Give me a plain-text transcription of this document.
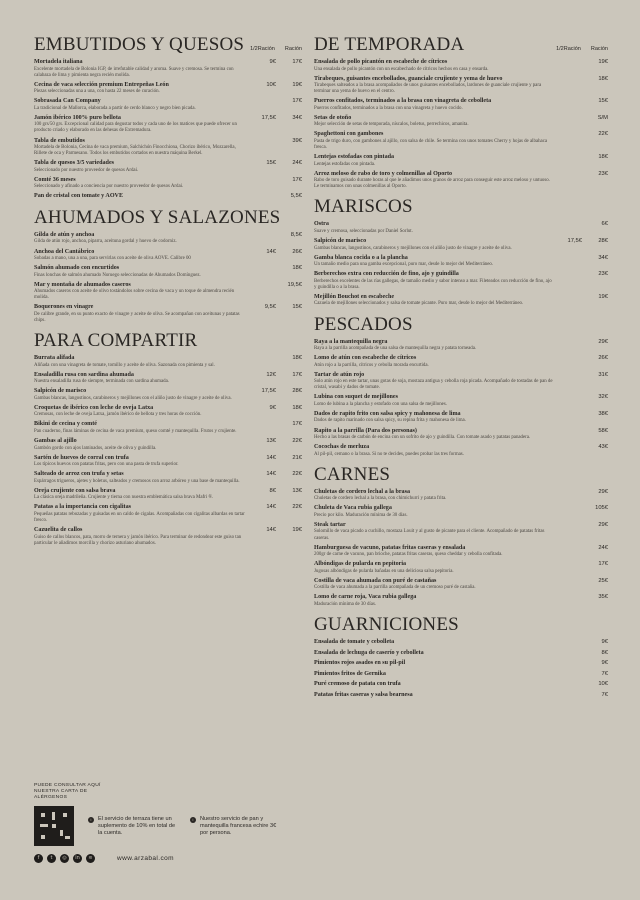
EMBUTIDOS Y QUESOS 1/2Ración Ración
Mortadela italiana	9€	17€
Excelente mortadela de Bolonia IGP, de irrefutable calidad y aroma. Suave y cremosa. Se termina con calabaza de lima y pimienta negra recién molida.
Cecina de vaca selección premium Entrepeñas León	10€	19€
Piezas seleccionadas una a una, con hasta 22 meses de curación.
Sobrasada Can Company	17€
La tradicional de Mallorca, elaborada a partir de cerdo blanco y negro bien picada.
Jamón ibérico 100% puro bellota	17,5€	34€
100 grs/50 grs. Excepcional calidad para degustar todos y cada uno de los matices que puede ofrecer un producto criado y elaborado en las dehesas de Extremadura.
Tabla de embutidos	39€
Mortadela de Bolonia, Cecina de vaca premium, Salchichón Finocchiona, Chorizo ibérico, Mozzarella, Rillete de oca y Parmesano. Todos los embutidos cortados en nuestra máquina Berkel.
Tabla de quesos 3/5 variedades	15€	24€
Seleccionado por nuestro proveedor de quesos Ardai.
Comté 36 meses	17€
Seleccionado y afinado a conciencia por nuestro proveedor de quesos Ardai.
Pan de cristal con tomate y AOVE	5,5€
AHUMADOS Y SALAZONES
Gilda de atún y anchoa	8,5€
Gilda de atún rojo, anchoa, piparra, aceituna gordal y huevo de codorniz.
Anchoa del Cantábrico	14€	26€
Sobadas a mano, una a una, para servirlas con aceite de oliva AOVE. Calibre 00
Salmón ahumado con encurtidos	18€
Finas lonchas de salmón ahumado Noruego seleccionadas de Ahumados Domínguez.
Mar y montaña de ahumados caseros	19,5€
Ahumados caseros con aceite de olivo tostándolos sobre cecina de vaca y un toque de almendra recién molida.
Boquerones en vinagre	9,5€	15€
De calibre grande, en su punto exacto de vinagre y aceite de oliva. Se acompañan con aceitunas y patatas chips.
PARA COMPARTIR
Burrata alifada	18€
Aliñada con una vinagreta de tomate, tomillo y aceite de oliva. Sazonada con pimienta y sal.
Ensaladilla rusa con sardina ahumada	12€	17€
Nuestra ensaladilla rusa de siempre, terminada con sardina ahumada.
Salpicón de marisco	17,5€	28€
Gambas blancas, langostinos, carabineros y mejillones con el aliño justo de vinagre y aceite de oliva.
Croquetas de ibérico con leche de oveja Latxa	9€	18€
Cremosas, con leche de oveja Latxa, jamón ibérico de bellota y tres horas de cocción.
Bikini de cecina y comté	17€
Pan cuaderno, finas láminas de cecina de vaca premium, queso comté y mantequilla. Frutos y crujiente.
Gambas al ajillo	13€	22€
Gambón gordo con ajos laminados, aceite de oliva y guindilla.
Sartén de huevos de corral con trufa	14€	21€
Los típicos huevos con patatas fritas, pero con una pasta de trufa superior.
Salteado de arroz con trufa y setas	14€	22€
Espárragos trigueros, ajetes y boletus, salteados y cremosos con arroz arbóreo y una base de mantequilla.
Oreja crujiente con salsa brava	8€	13€
La clásica oreja madrileña. Crujiente y tierna con nuestra emblemática salsa brava Mafri ®.
Patatas a la importancia con cigalitas	14€	22€
Pequeñas patatas rebozadas y guisadas en un caldo de cigalas. Acompañadas con cigalitas albardas en tartar fresco.
Cazuelita de callos	14€	19€
Guiso de callos blancos, pata, morro de ternera y jamón ibérico. Para terminar de redondear este guiso tan particular le añadimos morcilla y chorizo asturiano ahumados.
DE TEMPORADA	1/2Ración Ración
Ensalada de pollo picantón en escabeche de cítricos	19€
Una ensalada de pollo picantón con un escabechado de cítricos hechos en casa y ensarda.
Tirabeques, guisantes encebollados, guanciale crujiente y yema de huevo	18€
Tirabeques salteados a la brasa acompañados de unos guisantes encebollados, lardones de guanciale crujiente y para terminar una yema de huevo en el centro.
Puerros confitados, terminados a la brasa con vinagreta de cebolleta	15€
Puerros confitados, terminados a la brasa con una vinagreta y huevo cocido.
Setas de otoño	S/M
Mejor selección de setas de temporada, níscalos, boletus, perrechicos, amanita.
Spaghettoni con gambones	22€
Pasta de trigo duro, con gambones al ajillo, con salsa de chile. Se termina con unos tomates Cherry y hojas de albahaca fresca.
Lentejas estofadas con pintada	18€
Lentejas estofadas con pintada.
Arroz meloso de rabo de toro y colmenillas al Oporto	23€
Rabo de toro guisado durante horas al que le añadimos unos granos de arroz para conseguir este arroz meloso y untuoso. Le terminamos con unas colmenillas al Oporto.
MARISCOS
Ostra	6€
Suave y cremosa, seleccionadas por Daniel Sorlut.
Salpicón de marisco	17,5€	28€
Gambas blancas, langostinos, carabineros y mejillones con el aliño justo de vinagre y aceite de oliva.
Gamba blanca cocida o a la plancha	34€
Un tamaño medio para una gamba excepcional, puro mar, desde lo mejor del Mediterráneo.
Berberechos extra con reducción de fino, ajo y guindilla	23€
Berberechos excelentes de las rías gallegas, de tamaño medio y sabor intenso a mar. Fileteados con reducción de fino, ajo y guindilla o a la brasa.
Mejillón Bouchot en escabeche	19€
Cazuela de mejillones seleccionados y salsa de tomate picante. Puro mar, desde lo mejor del Mediterráneo.
PESCADOS
Raya a la mantequilla negra	29€
Raya a la parrilla acompañada de una salsa de mantequilla negra y patata torneada.
Lomo de atún con escabeche de cítricos	26€
Atún rojo a la parrilla, cítricos y cebolla morada encurtida.
Tartar de atún rojo	31€
Solo atún rojo en este tartar, unas gotas de soja, mostaza antigua y cebolla roja picada. Acompañado de tostadas de pan de cristal, wasabi y dados de tomate.
Lubina con suquet de mejillones	32€
Lomo de lubina a la plancha y estofado con una salsa de mejillones.
Dados de rapito frito con salsa spicy y mahonesa de lima	38€
Dados de rapito marinado con salsa spicy, su repina frita y mahonesa de lima.
Rapito a la parrilla (Para dos personas)	58€
Hecho a las brasas de carbón de encina con un sofrito de ajo y guindilla. Con tomate asado y patatas panadera.
Cocochas de merluza	43€
Al pil-pil, cemano o la brasa. Si no te decides, puedes probar las tres formas.
CARNES
Chuletas de cordero lechal a la brasa	29€
Chuletas de cordero lechal a la brasa, con chimichurri y patata frita.
Chuleta de Vaca rubia gallega	105€
Precio por kilo. Maduración mínima de 30 días.
Steak tartar	29€
Solomillo de vaca picado a cuchillo, mostaza Louit y al gusto de picante para el cliente. Acompañado de patatas fritas caseras.
Hamburguesa de vacuno, patatas fritas caseras y ensalada	24€
200gr de carne de vacuno, pan brioche, patatas fritas caseras, queso cheddar y cebolla confitada.
Albóndigas de pularda en pepitoria	17€
Jugosas albóndigas de pularda bañadas en una deliciosa salsa pepitoria.
Costilla de vaca ahumada con puré de castañas	25€
Costilla de vaca ahumada a la parrilla acompañada de un cremoso puré de castaña.
Lomo de carne roja, Vaca rubia gallega	35€
Maduración mínima de 30 días.
GUARNICIONES
Ensalada de tomate y cebolleta	9€
Ensalada de lechuga de caserío y cebolleta	8€
Pimientos rojos asados en su pil-pil	9€
Pimientos fritos de Gernika	7€
Puré cremoso de patata con trufa	10€
Patatas fritas caseras y salsa bearnesa	7€
PUEDE CONSULTAR AQUÍ NUESTRA CARTA DE ALÉRGENOS
i	El servicio de terraza tiene un suplemento de 10% en total de la cuenta.
i	Nuestro servicio de pan y mantequilla francesa echire 3€ por persona.
f	t	◎	in	≋	www.arzabal.com
